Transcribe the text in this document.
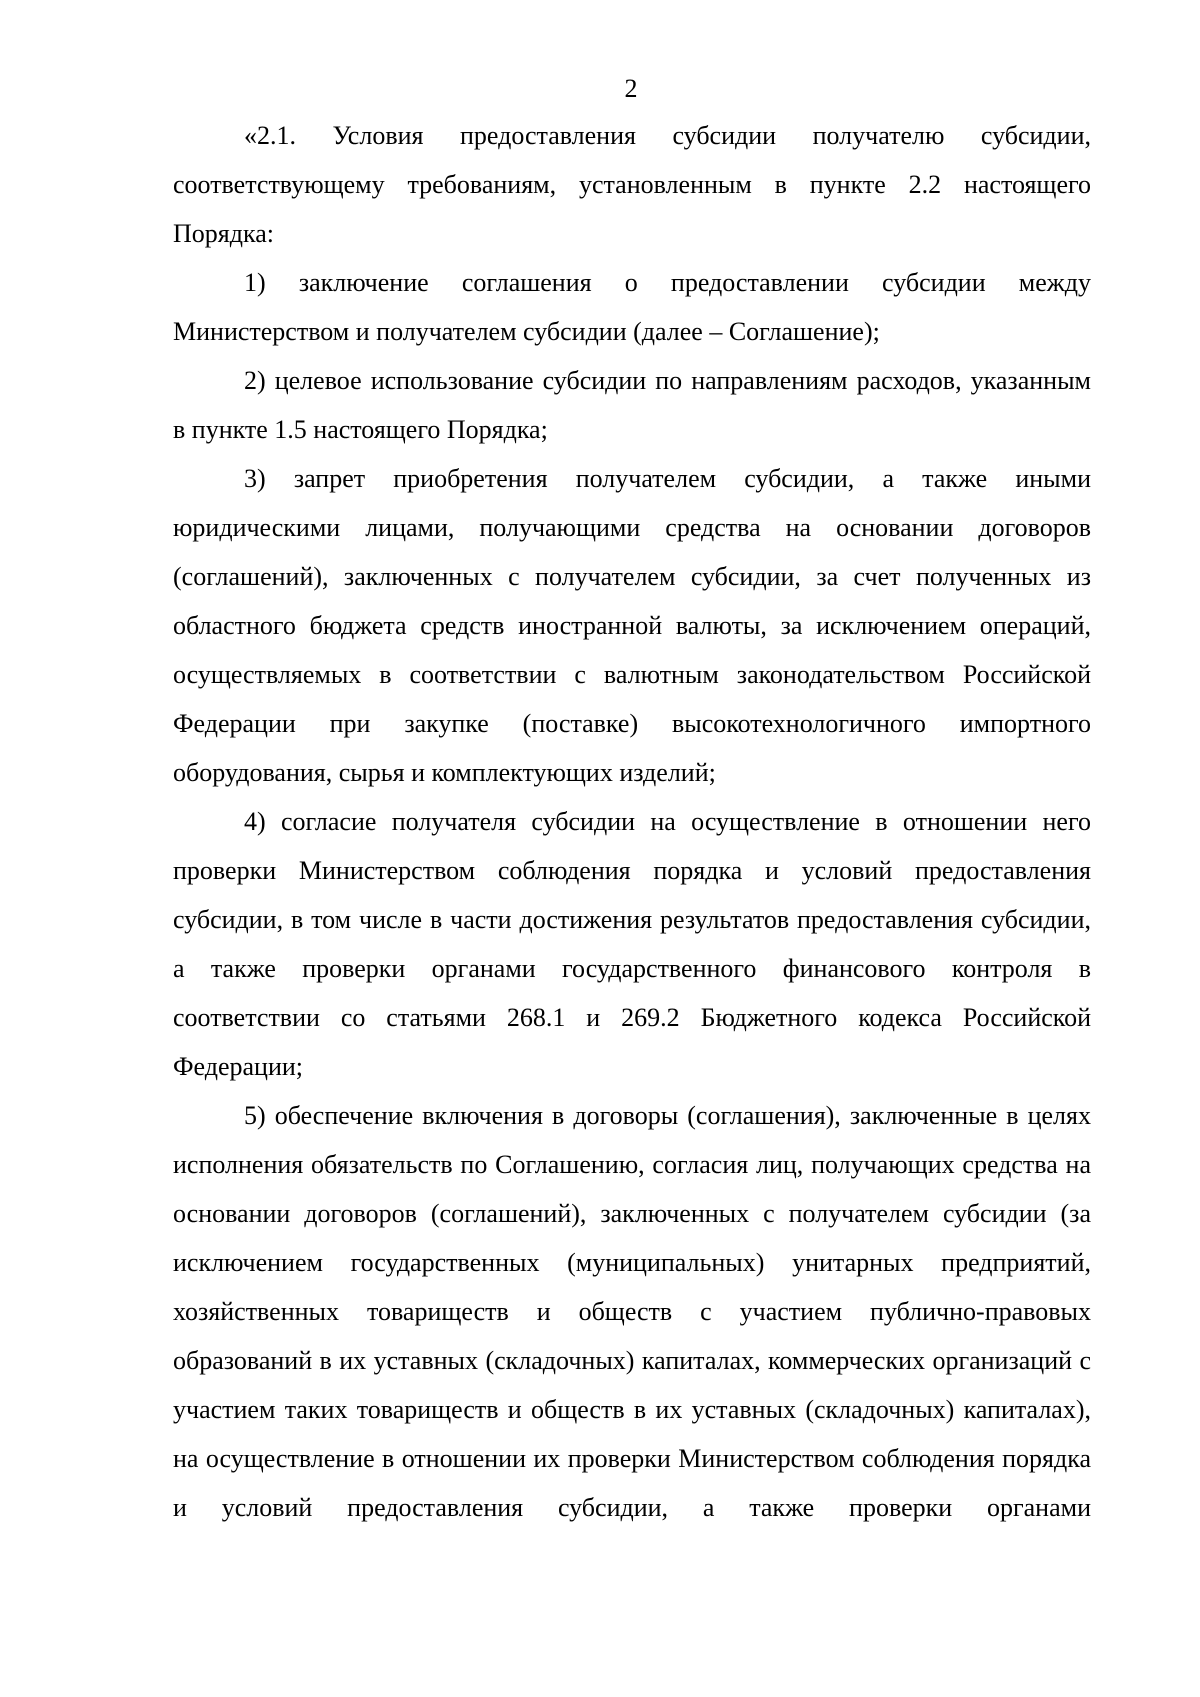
2

«2.1. Условия предоставления субсидии получателю субсидии, соответствующему требованиям, установленным в пункте 2.2 настоящего Порядка:

1) заключение соглашения о предоставлении субсидии между Министерством и получателем субсидии (далее – Соглашение);

2) целевое использование субсидии по направлениям расходов, указанным в пункте 1.5 настоящего Порядка;

3) запрет приобретения получателем субсидии, а также иными юридическими лицами, получающими средства на основании договоров (соглашений), заключенных с получателем субсидии, за счет полученных из областного бюджета средств иностранной валюты, за исключением операций, осуществляемых в соответствии с валютным законодательством Российской Федерации при закупке (поставке) высокотехнологичного импортного оборудования, сырья и комплектующих изделий;

4) согласие получателя субсидии на осуществление в отношении него проверки Министерством соблюдения порядка и условий предоставления субсидии, в том числе в части достижения результатов предоставления субсидии, а также проверки органами государственного финансового контроля в соответствии со статьями 268.1 и 269.2 Бюджетного кодекса Российской Федерации;

5) обеспечение включения в договоры (соглашения), заключенные в целях исполнения обязательств по Соглашению, согласия лиц, получающих средства на основании договоров (соглашений), заключенных с получателем субсидии (за исключением государственных (муниципальных) унитарных предприятий, хозяйственных товариществ и обществ с участием публично-правовых образований в их уставных (складочных) капиталах, коммерческих организаций с участием таких товариществ и обществ в их уставных (складочных) капиталах), на осуществление в отношении их проверки Министерством соблюдения порядка и условий предоставления субсидии, а также проверки органами
